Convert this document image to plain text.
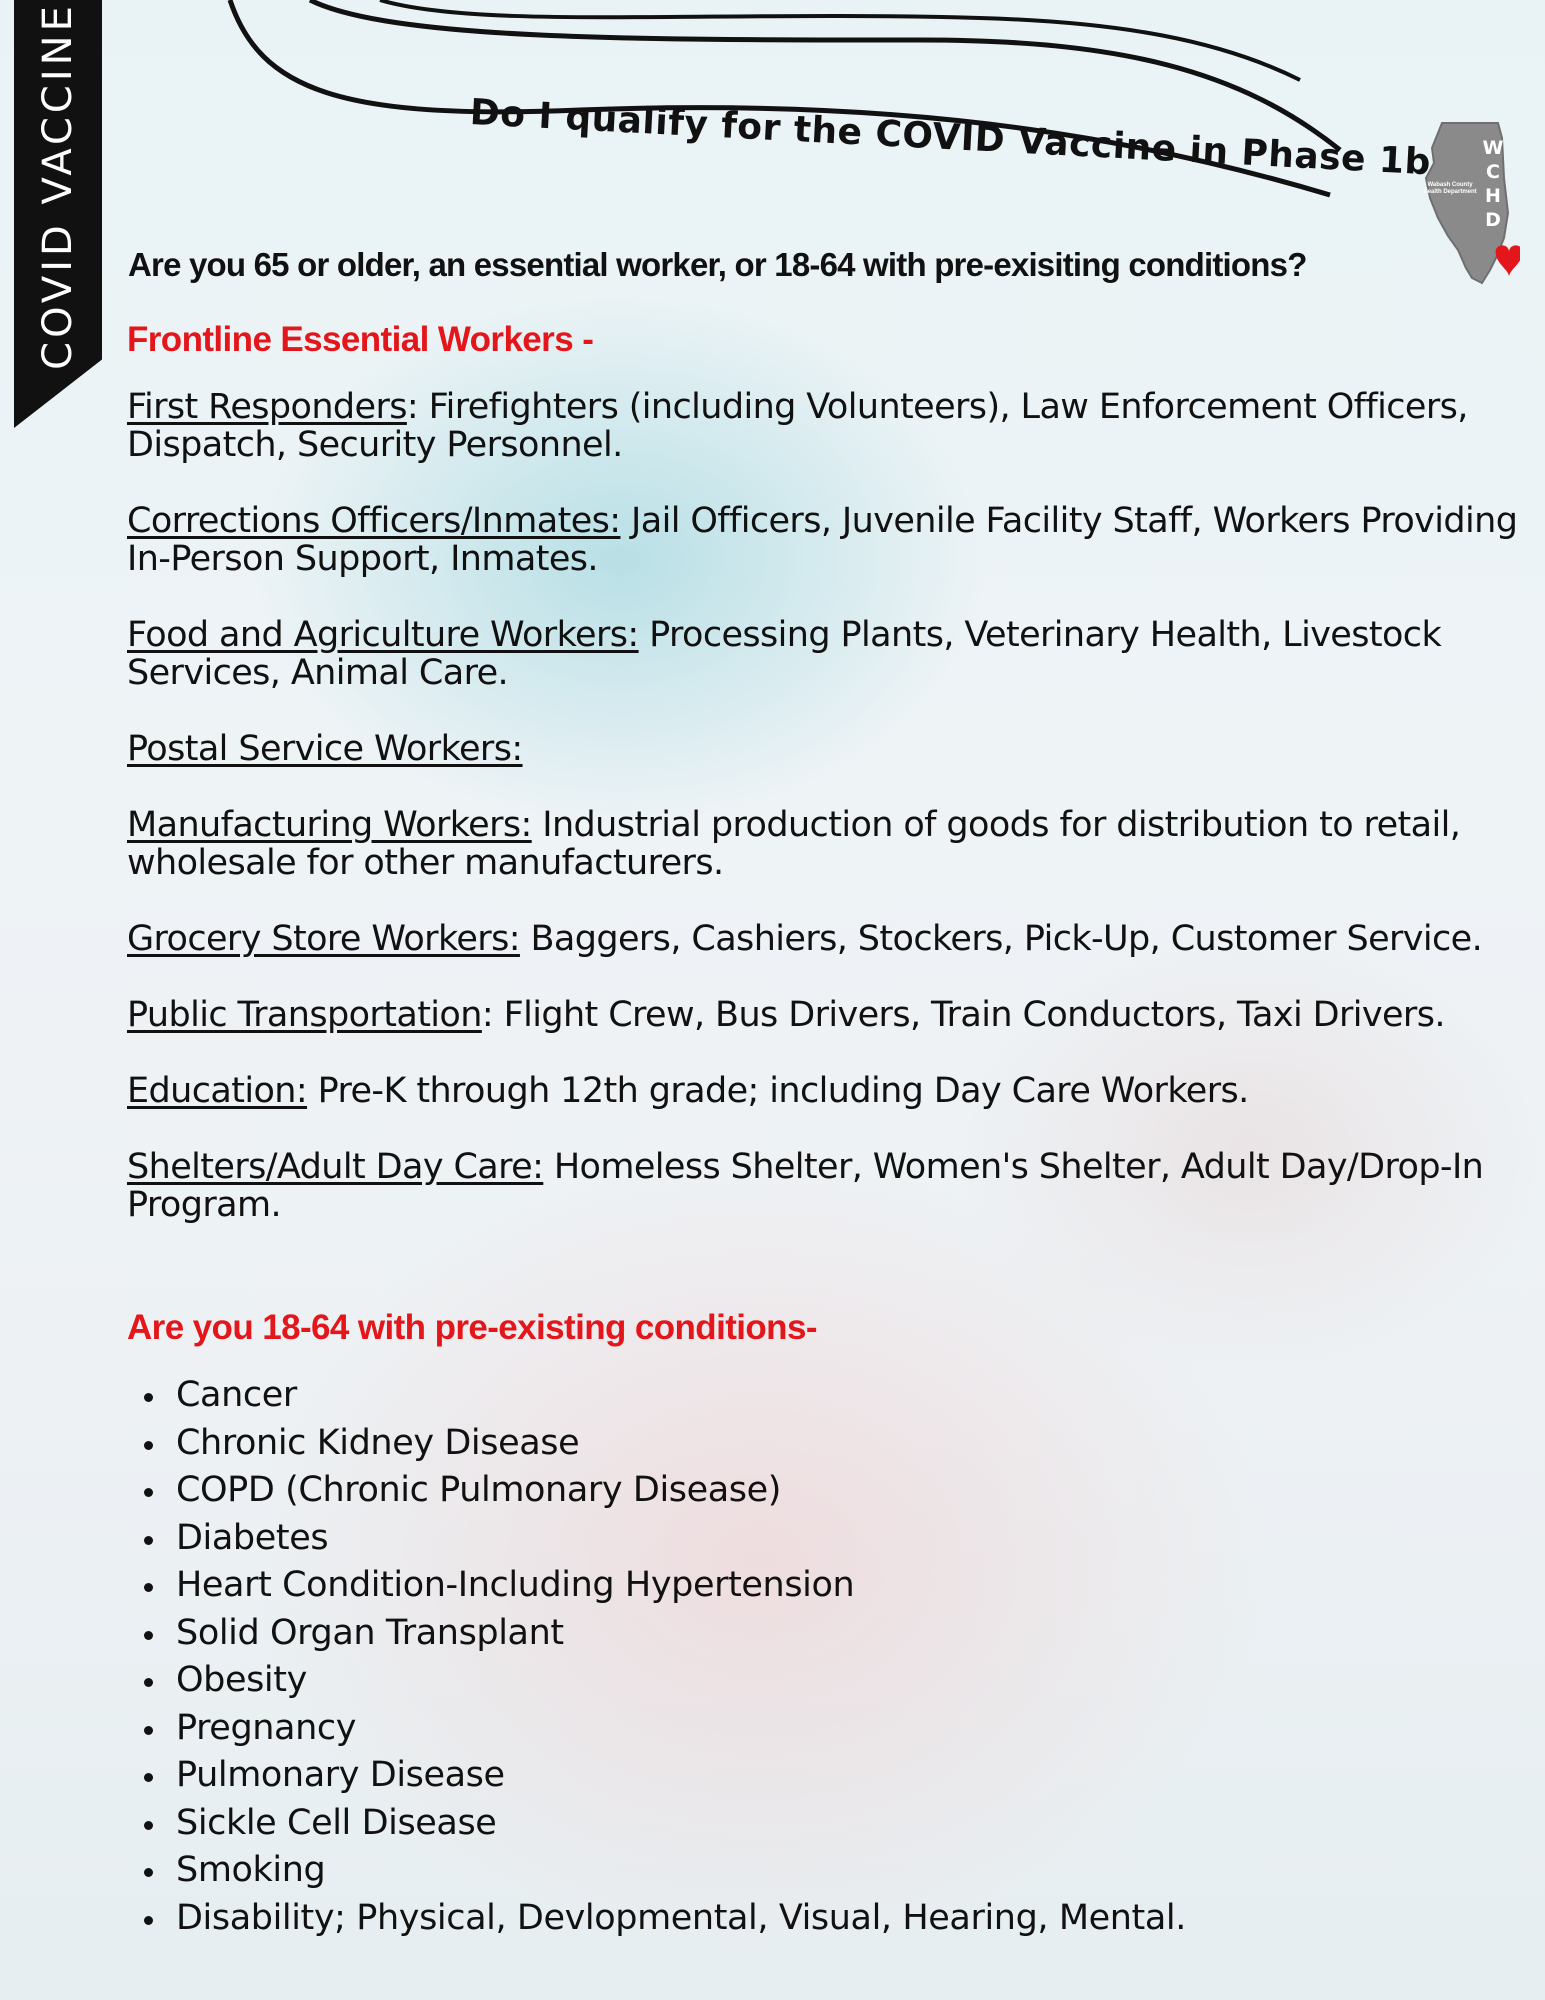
COVID VACCINE	Do I qualify for the COVID Vaccine in Phase 1b	W
C
H
D
Wabash County Health Department
Are you 65 or older, an essential worker, or 18-64 with pre-exisiting conditions?
Frontline Essential Workers -
First Responders: Firefighters (including Volunteers), Law Enforcement Officers, Dispatch, Security Personnel.
Corrections Officers/Inmates: Jail Officers, Juvenile Facility Staff, Workers Providing In-Person Support, Inmates.
Food and Agriculture Workers: Processing Plants, Veterinary Health, Livestock Services, Animal Care.
Postal Service Workers:
Manufacturing Workers: Industrial production of goods for distribution to retail, wholesale for other manufacturers.
Grocery Store Workers: Baggers, Cashiers, Stockers, Pick-Up, Customer Service.
Public Transportation: Flight Crew, Bus Drivers, Train Conductors, Taxi Drivers.
Education: Pre-K through 12th grade; including Day Care Workers.
Shelters/Adult Day Care: Homeless Shelter, Women's Shelter, Adult Day/Drop-In Program.
Are you 18-64 with pre-existing conditions-
Cancer
Chronic Kidney Disease
COPD (Chronic Pulmonary Disease)
Diabetes
Heart Condition-Including Hypertension
Solid Organ Transplant
Obesity
Pregnancy
Pulmonary Disease
Sickle Cell Disease
Smoking
Disability; Physical, Devlopmental, Visual, Hearing, Mental.
